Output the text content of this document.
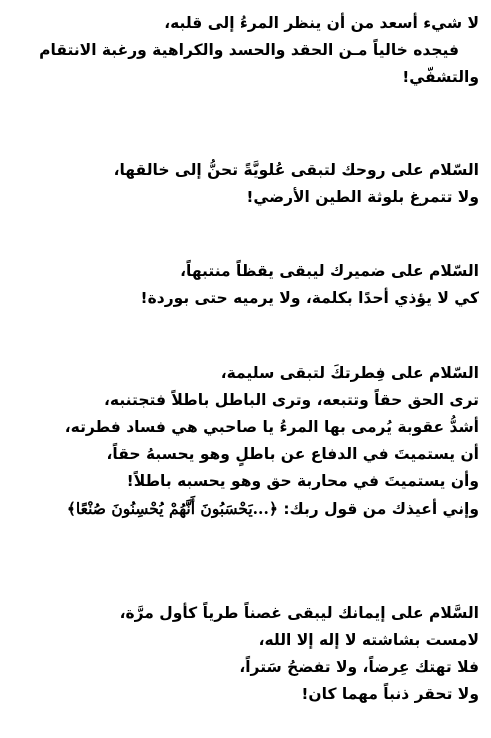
لا شيء أسعد من أن ينظر المرءُ إلى قلبه،
فيجده خالياً مـن الحقد والحسد والكراهية ورغبة الانتقام
والتشفّي!
السّلام على روحك لتبقى عُلويَّةً تحنُّ إلى خالقها،
ولا تتمرغ بلوثة الطين الأرضي!
السّلام على ضميرك ليبقى يقظاً منتبهاً،
كي لا يؤذي أحدًا بكلمة، ولا يرميه حتى بوردة!
السّلام على فِطرتكَ لتبقى سليمة،
ترى الحق حقاً وتتبعه، وترى الباطل باطلاً فتجتنبه،
أشدُّ عقوبة يُرمى بها المرءُ يا صاحبي هي فساد فطرته،
أن يستميتَ في الدفاع عن باطلٍ وهو يحسبهُ حقاً،
وأن يستميتَ في محاربة حق وهو يحسبه باطلاً!
وإني أعيذك من قول ربك: ﴿...يَحْسَبُونَ أَنَّهُمْ يُحْسِنُونَ صُنْعًا﴾
السَّلام على إيمانك ليبقى غصناً طرياً كأول مرَّة،
لامست بشاشته لا إله إلا الله،
فلا تهتك عِرضاً، ولا تفضحُ سَتراً،
ولا تحقر ذنباً مهما كان!
